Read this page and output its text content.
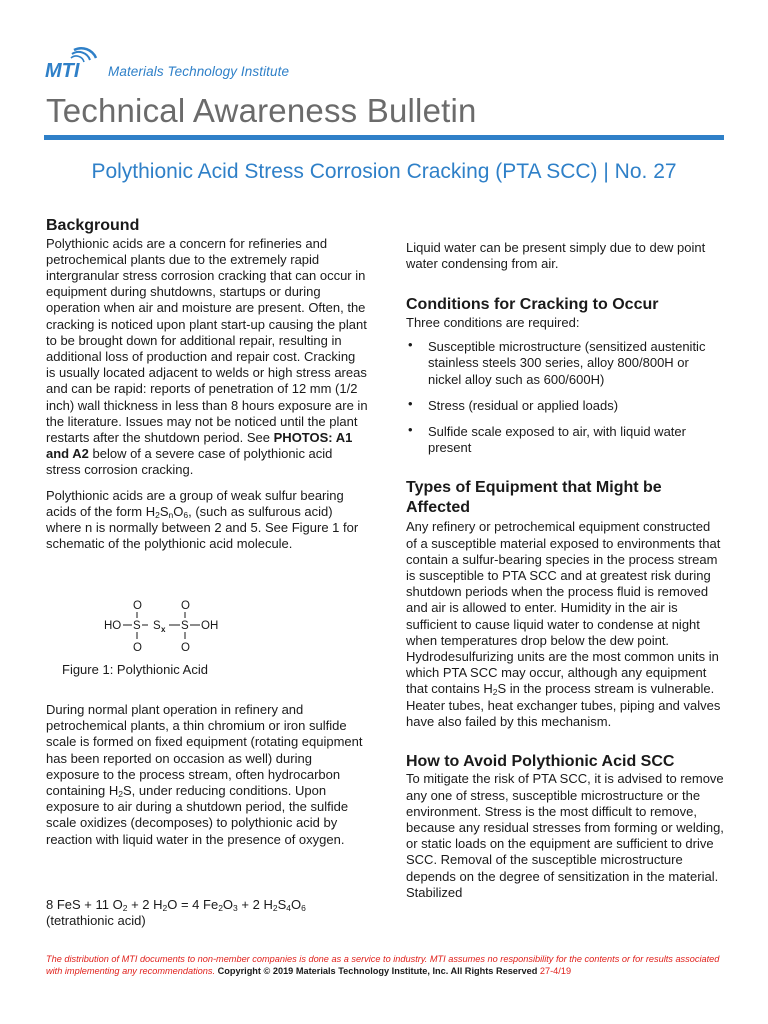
MTI Materials Technology Institute
Technical Awareness Bulletin
Polythionic Acid Stress Corrosion Cracking (PTA SCC) | No. 27
Background

Polythionic acids are a concern for refineries and petrochemical plants due to the extremely rapid intergranular stress corrosion cracking that can occur in equipment during shutdowns, startups or during operation when air and moisture are present. Often, the cracking is noticed upon plant start-up causing the plant to be brought down for additional repair, resulting in additional loss of production and repair cost. Cracking is usually located adjacent to welds or high stress areas and can be rapid: reports of penetration of 12 mm (1/2 inch) wall thickness in less than 8 hours exposure are in the literature. Issues may not be noticed until the plant restarts after the shutdown period. See PHOTOS: A1 and A2 below of a severe case of polythionic acid stress corrosion cracking.

Polythionic acids are a group of weak sulfur bearing acids of the form $H_2S_nO_6$, (such as sulfurous acid) where n is normally between 2 and 5. See Figure 1 for schematic of the polythionic acid molecule.

O	O
HO S S x S OH
O	O
Figure 1: Polythionic Acid

During normal plant operation in refinery and petrochemical plants, a thin chromium or iron sulfide scale is formed on fixed equipment (rotating equipment has been reported on occasion as well) during exposure to the process stream, often hydrocarbon containing $H_2S$, under reducing conditions. Upon exposure to air during a shutdown period, the sulfide scale oxidizes (decomposes) to polythionic acid by reaction with liquid water in the presence of oxygen.

8 FeS + 11 $O_2 + 2$ $H_2O = 4$ $Fe_2O_3 + 2$ $H_2S_4O_6$

(tetrathionic acid)

Liquid water can be present simply due to dew point water condensing from air.

Conditions for Cracking to Occur

Three conditions are required:

• Susceptible microstructure (sensitized austenitic stainless steels 300 series, alloy 800/800H or nickel alloy such as 600/600H)
• Stress (residual or applied loads)
• Sulfide scale exposed to air, with liquid water present
Types of Equipment that Might be Affected

Any refinery or petrochemical equipment constructed of a susceptible material exposed to environments that contain a sulfur-bearing species in the process stream is susceptible to PTA SCC and at greatest risk during shutdown periods when the process fluid is removed and air is allowed to enter. Humidity in the air is sufficient to cause liquid water to condense at night when temperatures drop below the dew point. Hydrodesulfurizing units are the most common units in which PTA SCC may occur, although any equipment that contains $H_2S$ in the process stream is vulnerable. Heater tubes, heat exchanger tubes, piping and valves have also failed by this mechanism.

How to Avoid Polythionic Acid SCC

To mitigate the risk of PTA SCC, it is advised to remove any one of stress, susceptible microstructure or the environment. Stress is the most difficult to remove, because any residual stresses from forming or welding, or static loads on the equipment are sufficient to drive SCC. Removal of the susceptible microstructure depends on the degree of sensitization in the material. Stabilized

The distribution of MTI documents to non-member companies is done as a service to industry. MTI assumes no responsibility for the contents or for results associated with implementing any recommendations. Copyright © 2019 Materials Technology Institute, Inc. All Rights Reserved 27-4/19
